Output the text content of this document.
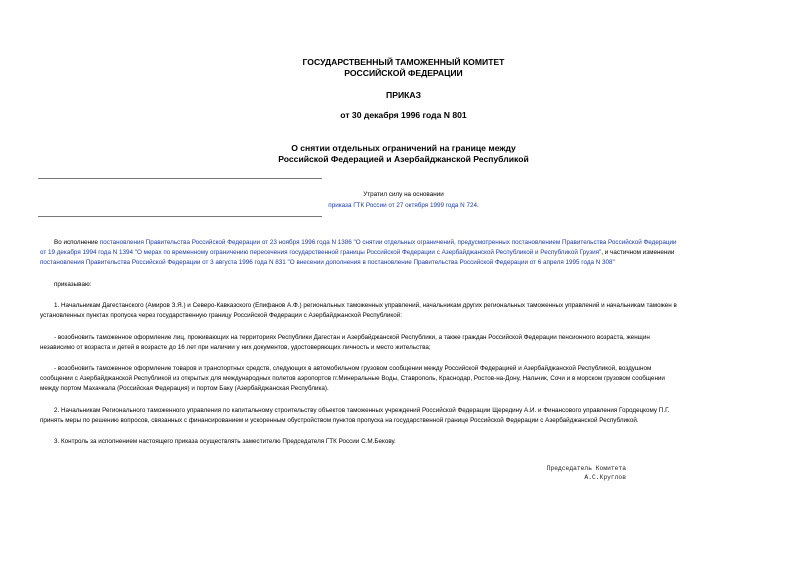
ГОСУДАРСТВЕННЫЙ ТАМОЖЕННЫЙ КОМИТЕТ
РОССИЙСКОЙ ФЕДЕРАЦИИ
ПРИКАЗ
от 30 декабря 1996 года N 801
О снятии отдельных ограничений на границе между
Российской Федерацией и Азербайджанской Республикой
Утратил силу на основании
приказа ГТК России от 27 октября 1999 года N 724.
Во исполнение постановления Правительства Российской Федерации от 23 ноября 1996 года N 1386 "О снятии отдельных ограничений, предусмотренных постановлением Правительства Российской Федерации
от 19 декабря 1994 года N 1394 "О мерах по временному ограничению пересечения государственной границы Российской Федерации с Азербайджанской Республикой и Республикой Грузия", и частичном изменении
постановления Правительства Российской Федерации от 3 августа 1996 года N 831 "О внесении дополнения в постановление Правительства Российской Федерации от 6 апреля 1995 года N 308"
приказываю:
1. Начальникам Дагестанского (Амиров З.Я.) и Северо-Кавказского (Епифанов А.Ф.) региональных таможенных управлений, начальникам других региональных таможенных управлений и начальникам таможен в
установленных пунктах пропуска через государственную границу Российской Федерации с Азербайджанской Республикой:
- возобновить таможенное оформление лиц, проживающих на территориях Республики Дагестан и Азербайджанской Республики, а также граждан Российской Федерации пенсионного возраста, женщин
независимо от возраста и детей в возрасте до 16 лет при наличии у них документов, удостоверяющих личность и место жительства;
- возобновить таможенное оформление товаров и транспортных средств, следующих в автомобильном грузовом сообщении между Российской Федерацией и Азербайджанской Республикой, воздушном
сообщении с Азербайджанской Республикой из открытых для международных полетов аэропортов гг.Минеральные Воды, Ставрополь, Краснодар, Ростов-на-Дону, Нальчик, Сочи и в морском грузовом сообщении
между портом Махачкала (Российская Федерация) и портом Баку (Азербайджанская Республика).
2. Начальникам Регионального таможенного управления по капитальному строительству объектов таможенных учреждений Российской Федерации Щередину А.И. и Финансового управления Городецкому П.Г.
принять меры по решению вопросов, связанных с финансированием и ускоренным обустройством пунктов пропуска на государственной границе Российской Федерации с Азербайджанской Республикой.
3. Контроль за исполнением настоящего приказа осуществлять заместителю Председателя ГТК России С.М.Бекову.
Председатель Комитета
А.С.Круглов
